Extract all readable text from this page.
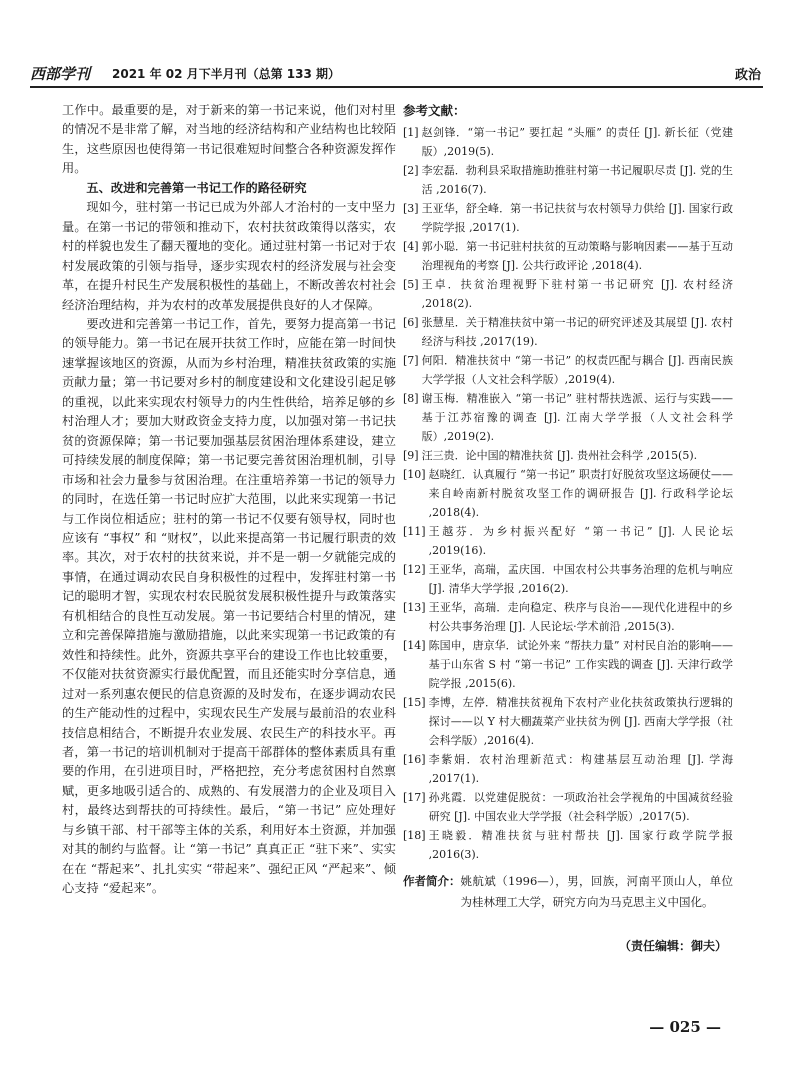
西部学刊 2021 年 02 月下半月刊（总第 133 期）	政治

工作中。最重要的是，对于新来的第一书记来说，他们对村里的情况不是非常了解，对当地的经济结构和产业结构也比较陌生，这些原因也使得第一书记很难短时间整合各种资源发挥作用。

五、改进和完善第一书记工作的路径研究

现如今，驻村第一书记已成为外部人才治村的一支中坚力量。在第一书记的带领和推动下，农村扶贫政策得以落实，农村的样貌也发生了翻天覆地的变化。通过驻村第一书记对于农村发展政策的引领与指导，逐步实现农村的经济发展与社会变革，在提升村民生产发展积极性的基础上，不断改善农村社会经济治理结构，并为农村的改革发展提供良好的人才保障。

要改进和完善第一书记工作，首先，要努力提高第一书记的领导能力。第一书记在展开扶贫工作时，应能在第一时间快速掌握该地区的资源，从而为乡村治理，精准扶贫政策的实施贡献力量；第一书记要对乡村的制度建设和文化建设引起足够的重视，以此来实现农村领导力的内生性供给，培养足够的乡村治理人才；要加大财政资金支持力度，以加强对第一书记扶贫的资源保障；第一书记要加强基层贫困治理体系建设，建立可持续发展的制度保障；第一书记要完善贫困治理机制，引导市场和社会力量参与贫困治理。在注重培养第一书记的领导力的同时，在选任第一书记时应扩大范围，以此来实现第一书记与工作岗位相适应；驻村的第一书记不仅要有领导权，同时也应该有 “事权” 和 “财权”，以此来提高第一书记履行职责的效率。其次，对于农村的扶贫来说，并不是一朝一夕就能完成的事情，在通过调动农民自身积极性的过程中，发挥驻村第一书记的聪明才智，实现农村农民脱贫发展积极性提升与政策落实有机相结合的良性互动发展。第一书记要结合村里的情况，建立和完善保障措施与激励措施，以此来实现第一书记政策的有效性和持续性。此外，资源共享平台的建设工作也比较重要，不仅能对扶贫资源实行最优配置，而且还能实时分享信息，通过对一系列惠农便民的信息资源的及时发布，在逐步调动农民的生产能动性的过程中，实现农民生产发展与最前沿的农业科技信息相结合，不断提升农业发展、农民生产的科技水平。再者，第一书记的培训机制对于提高干部群体的整体素质具有重要的作用，在引进项目时，严格把控，充分考虑贫困村自然禀赋，更多地吸引适合的、成熟的、有发展潜力的企业及项目入村，最终达到帮扶的可持续性。最后，“第一书记” 应处理好与乡镇干部、村干部等主体的关系，利用好本土资源，并加强对其的制约与监督。让 “第一书记” 真真正正 “驻下来”、实实在在 “帮起来”、扎扎实实 “带起来”、强纪正风 “严起来”、倾心支持 “爱起来”。

参考文献：
[1] 赵剑锋．“第一书记” 要扛起 “头雁” 的责任 [J]. 新长征（党建版）,2019(5).
[2] 李宏磊．勃利县采取措施助推驻村第一书记履职尽责 [J]. 党的生活 ,2016(7).
[3] 王亚华，舒全峰．第一书记扶贫与农村领导力供给 [J]. 国家行政学院学报 ,2017(1).
[4] 郭小聪．第一书记驻村扶贫的互动策略与影响因素——基于互动治理视角的考察 [J]. 公共行政评论 ,2018(4).
[5] 王卓．扶贫治理视野下驻村第一书记研究 [J]. 农村经济 ,2018(2).
[6] 张慧星．关于精准扶贫中第一书记的研究评述及其展望 [J]. 农村经济与科技 ,2017(19).
[7] 何阳．精准扶贫中 “第一书记” 的权责匹配与耦合 [J]. 西南民族大学学报（人文社会科学版）,2019(4).
[8] 谢玉梅．精准嵌入 “第一书记” 驻村帮扶选派、运行与实践——基于江苏宿豫的调查 [J]. 江南大学学报（人文社会科学版）,2019(2).
[9] 汪三贵．论中国的精准扶贫 [J]. 贵州社会科学 ,2015(5).
[10] 赵晓红．认真履行 “第一书记” 职责打好脱贫攻坚这场硬仗——来自岭南新村脱贫攻坚工作的调研报告 [J]. 行政科学论坛 ,2018(4).
[11] 王越芬．为乡村振兴配好 “第一书记” [J]. 人民论坛 ,2019(16).
[12] 王亚华，高瑞，孟庆国．中国农村公共事务治理的危机与响应 [J]. 清华大学学报 ,2016(2).
[13] 王亚华，高瑞．走向稳定、秩序与良治——现代化进程中的乡村公共事务治理 [J]. 人民论坛·学术前沿 ,2015(3).
[14] 陈国申，唐京华．试论外来 “帮扶力量” 对村民自治的影响——基于山东省 S 村 “第一书记” 工作实践的调查 [J]. 天津行政学院学报 ,2015(6).
[15] 李博，左停．精准扶贫视角下农村产业化扶贫政策执行逻辑的探讨——以 Y 村大棚蔬菜产业扶贫为例 [J]. 西南大学学报（社会科学版）,2016(4).
[16] 李紫娟．农村治理新范式：构建基层互动治理 [J]. 学海 ,2017(1).
[17] 孙兆霞．以党建促脱贫：一项政治社会学视角的中国减贫经验研究 [J]. 中国农业大学学报（社会科学版）,2017(5).
[18] 王晓毅．精准扶贫与驻村帮扶 [J]. 国家行政学院学报 ,2016(3).
作者简介： 姚航斌（1996—），男，回族，河南平顶山人，单位为桂林理工大学，研究方向为马克思主义中国化。
（责任编辑：御夫）
— 025 —
